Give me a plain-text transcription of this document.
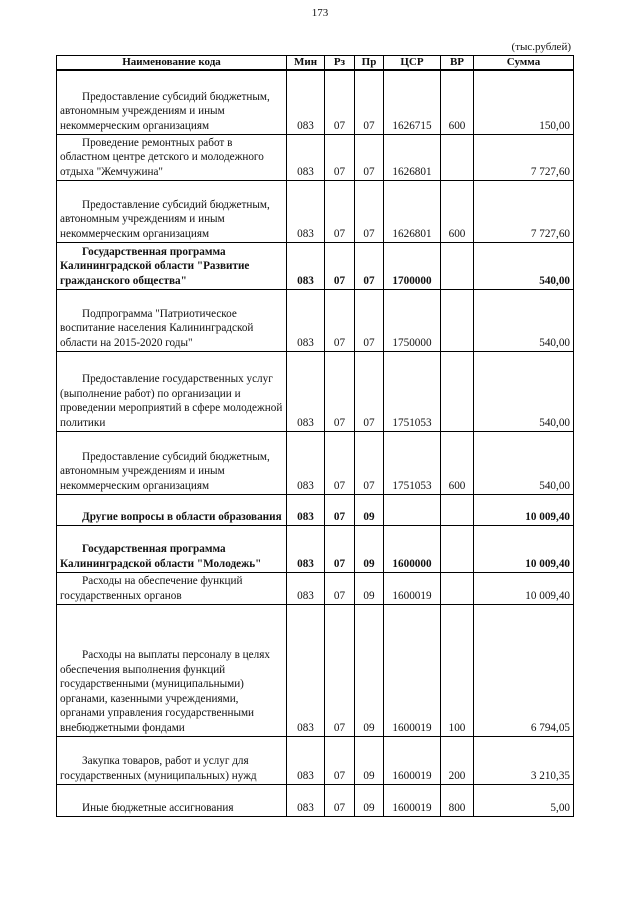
173
(тыс.рублей)
Наименование кода	Мин	Рз	Пр	ЦСР	ВР	Сумма
Предоставление субсидий бюджетным, автономным учреждениям и иным некоммерческим организациям	083	07	07	1626715	600	150,00
Проведение ремонтных работ в областном центре детского и молодежного отдыха "Жемчужина"	083	07	07	1626801		7 727,60
Предоставление субсидий бюджетным, автономным учреждениям и иным некоммерческим организациям	083	07	07	1626801	600	7 727,60
Государственная программа Калининградской области "Развитие гражданского общества"	083	07	07	1700000		540,00
Подпрограмма "Патриотическое воспитание населения Калининградской области на 2015-2020 годы"	083	07	07	1750000		540,00
Предоставление государственных услуг (выполнение работ) по организации и проведении мероприятий в сфере молодежной политики	083	07	07	1751053		540,00
Предоставление субсидий бюджетным, автономным учреждениям и иным некоммерческим организациям	083	07	07	1751053	600	540,00
Другие вопросы в области образования	083	07	09			10 009,40
Государственная программа Калининградской области "Молодежь"	083	07	09	1600000		10 009,40
Расходы на обеспечение функций государственных органов	083	07	09	1600019		10 009,40
Расходы на выплаты персоналу в целях обеспечения выполнения функций государственными (муниципальными) органами, казенными учреждениями, органами управления государственными внебюджетными фондами	083	07	09	1600019	100	6 794,05
Закупка товаров, работ и услуг для государственных (муниципальных) нужд	083	07	09	1600019	200	3 210,35
Иные бюджетные ассигнования	083	07	09	1600019	800	5,00
